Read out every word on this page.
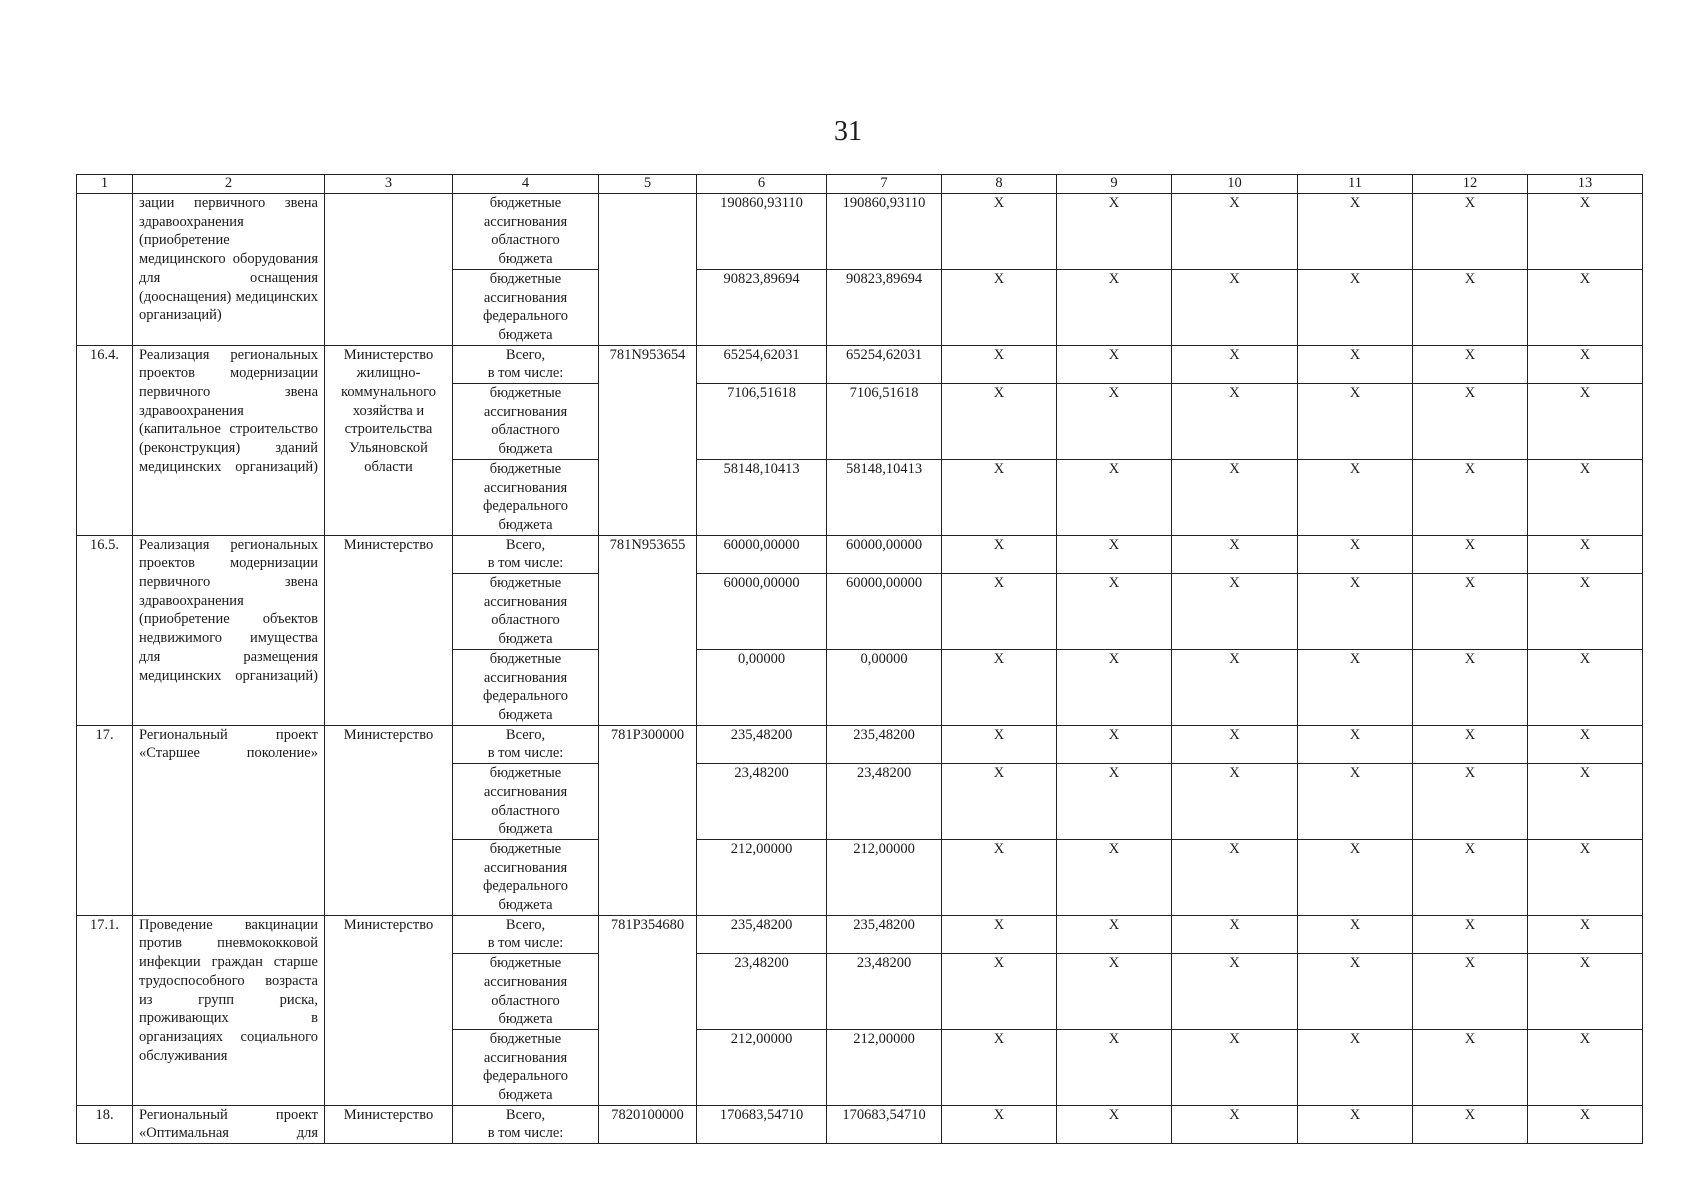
31
1	2	3	4	5	6	7	8	9	10	11	12	13
	зации первичного звена здравоохранения (приобретение медицинского оборудования для оснащения (дооснащения) медицинских организаций)		бюджетные
ассигнования
областного
бюджета		190860,93110	190860,93110	X	X	X	X	X	X
			бюджетные
ассигнования
федерального
бюджета		90823,89694	90823,89694	X	X	X	X	X	X
16.4.	Реализация региональных проектов модернизации первичного звена здравоохранения (капитальное строительство (реконструкция) зданий медицинских организаций)	Министерство жилищно-коммунального хозяйства и строительства Ульяновской области	Всего,
в том числе:	781N953654	65254,62031	65254,62031	X	X	X	X	X	X
			бюджетные
ассигнования
областного
бюджета		7106,51618	7106,51618	X	X	X	X	X	X
			бюджетные
ассигнования
федерального
бюджета		58148,10413	58148,10413	X	X	X	X	X	X
16.5.	Реализация региональных проектов модернизации первичного звена здравоохранения (приобретение объектов недвижимого имущества для размещения медицинских организаций)	Министерство	Всего,
в том числе:	781N953655	60000,00000	60000,00000	X	X	X	X	X	X
			бюджетные
ассигнования
областного
бюджета		60000,00000	60000,00000	X	X	X	X	X	X
			бюджетные
ассигнования
федерального
бюджета		0,00000	0,00000	X	X	X	X	X	X
17.	Региональный проект «Старшее поколение»	Министерство	Всего,
в том числе:	781P300000	235,48200	235,48200	X	X	X	X	X	X
			бюджетные
ассигнования
областного
бюджета		23,48200	23,48200	X	X	X	X	X	X
			бюджетные
ассигнования
федерального
бюджета		212,00000	212,00000	X	X	X	X	X	X
17.1.	Проведение вакцинации против пневмококковой инфекции граждан старше трудоспособного возраста из групп риска, проживающих в организациях социального обслуживания	Министерство	Всего,
в том числе:	781P354680	235,48200	235,48200	X	X	X	X	X	X
			бюджетные
ассигнования
областного
бюджета		23,48200	23,48200	X	X	X	X	X	X
			бюджетные
ассигнования
федерального
бюджета		212,00000	212,00000	X	X	X	X	X	X
18.	Региональный проект «Оптимальная для	Министерство	Всего,
в том числе:	7820100000	170683,54710	170683,54710	X	X	X	X	X	X
